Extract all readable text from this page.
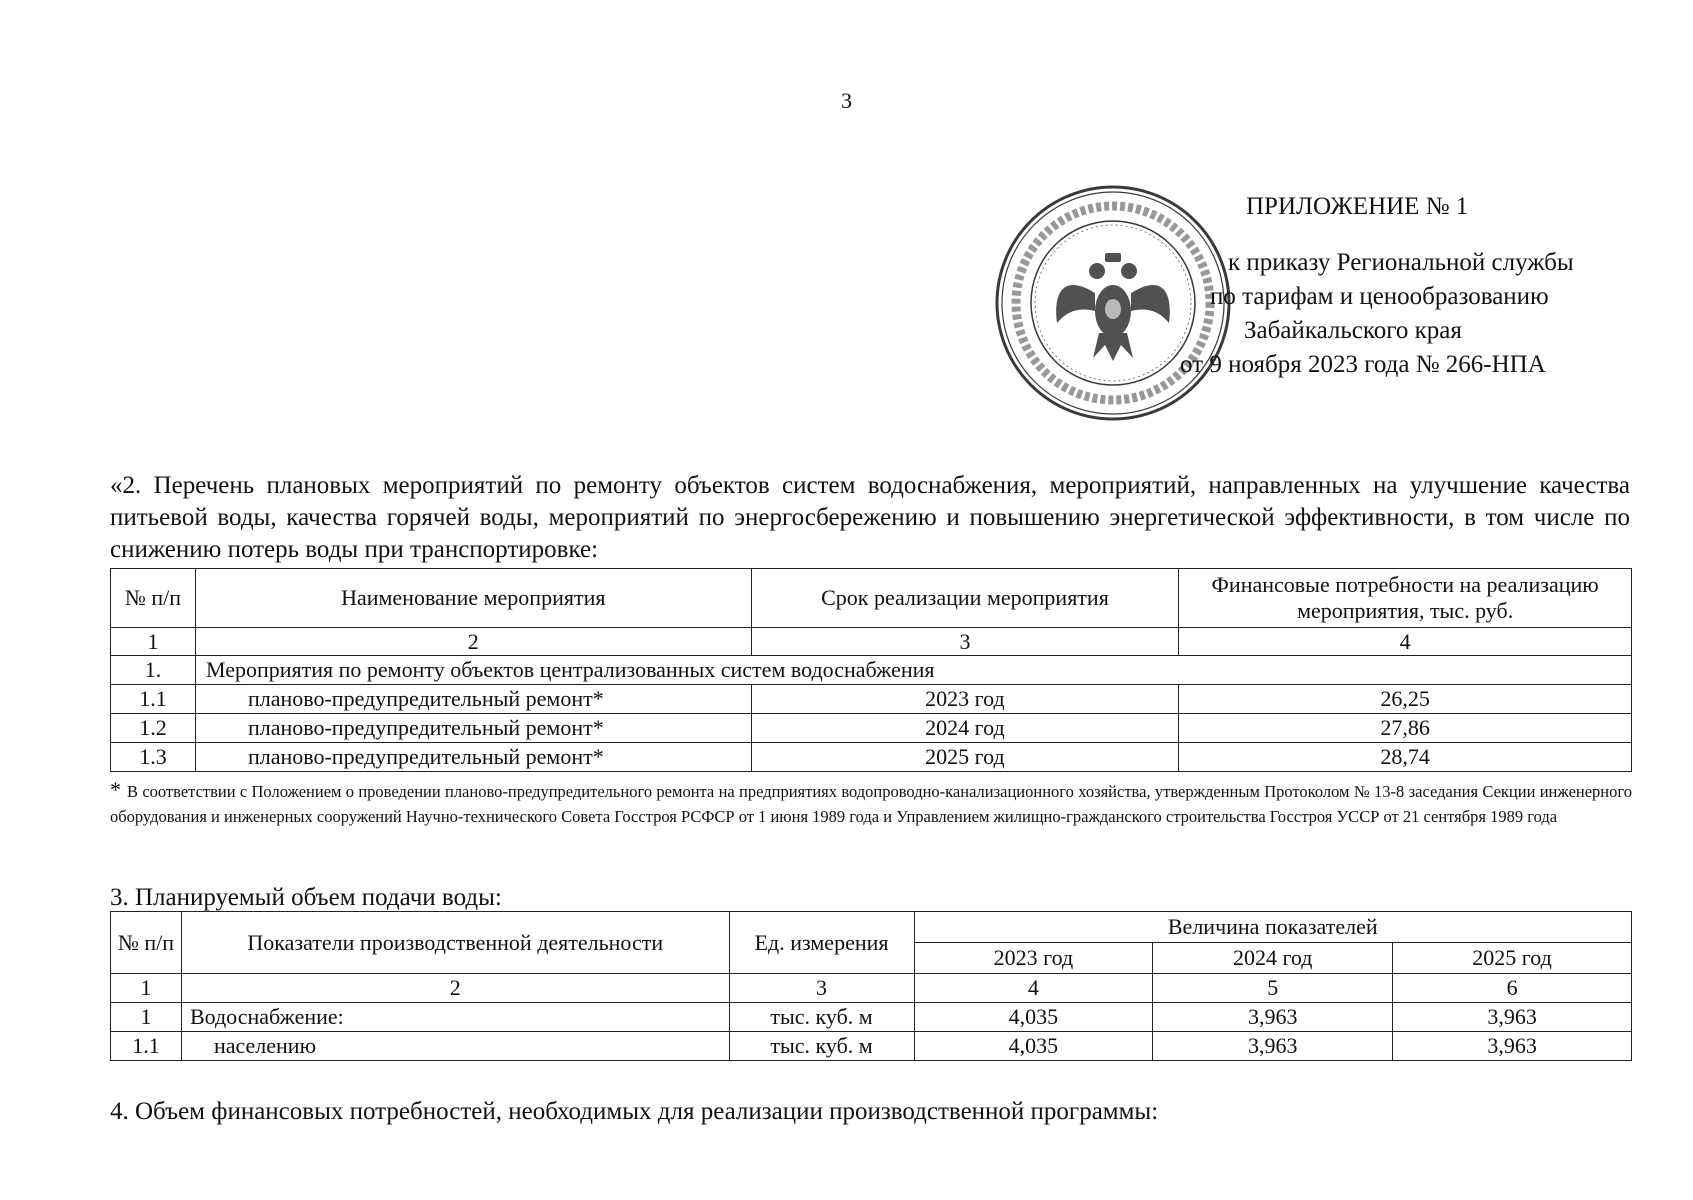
3
ПРИЛОЖЕНИЕ № 1
к приказу Региональной службы
по тарифам и ценообразованию
Забайкальского края
от 9 ноября 2023 года № 266-НПА
«2. Перечень плановых мероприятий по ремонту объектов систем водоснабжения, мероприятий, направленных на улучшение качества питьевой воды, качества горячей воды, мероприятий по энергосбережению и повышению энергетической эффективности, в том числе по снижению потерь воды при транспортировке:
№ п/п	Наименование мероприятия	Срок реализации мероприятия	Финансовые потребности на реализацию мероприятия, тыс. руб.
1	2	3	4
1.	Мероприятия по ремонту объектов централизованных систем водоснабжения		
1.1	планово-предупредительный ремонт*	2023 год	26,25
1.2	планово-предупредительный ремонт*	2024 год	27,86
1.3	планово-предупредительный ремонт*	2025 год	28,74
* В соответствии с Положением о проведении планово-предупредительного ремонта на предприятиях водопроводно-канализационного хозяйства, утвержденным Протоколом № 13-8 заседания Секции инженерного оборудования и инженерных сооружений Научно-технического Совета Госстроя РСФСР от 1 июня 1989 года и Управлением жилищно-гражданского строительства Госстроя УССР от 21 сентября 1989 года
3. Планируемый объем подачи воды:
№ п/п	Показатели производственной деятельности	Ед. измерения	Величина показателей		
			2023 год	2024 год	2025 год
1	2	3	4	5	6
1	Водоснабжение:	тыс. куб. м	4,035	3,963	3,963
1.1	населению	тыс. куб. м	4,035	3,963	3,963
4. Объем финансовых потребностей, необходимых для реализации производственной программы:
